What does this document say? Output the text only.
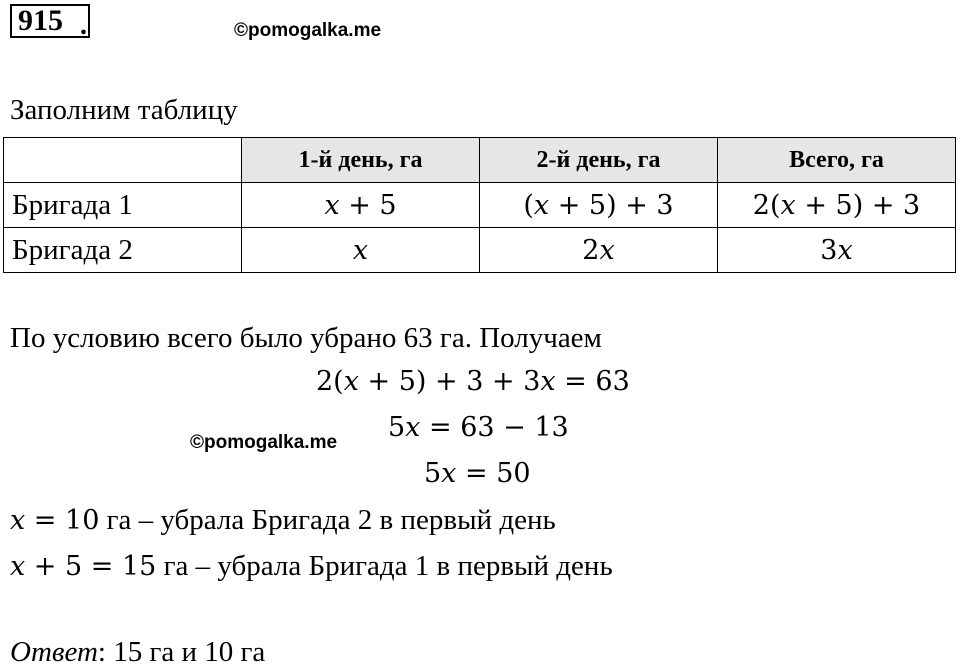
915 .	©pomogalka.me
Заполним таблицу
	1-й день, га	2-й день, га	Всего, га
Бригада 1	𝑥 + 5	(𝑥 + 5) + 3	2(𝑥 + 5) + 3
Бригада 2	𝑥	2𝑥	3𝑥
По условию всего было убрано 63 га. Получаем
2(𝑥 + 5) + 3 + 3𝑥 = 63
5𝑥 = 63 − 13
5𝑥 = 50
©pomogalka.me
𝑥 = 10 га – убрала Бригада 2 в первый день
𝑥 + 5 = 15 га – убрала Бригада 1 в первый день
Ответ: 15 га и 10 га
